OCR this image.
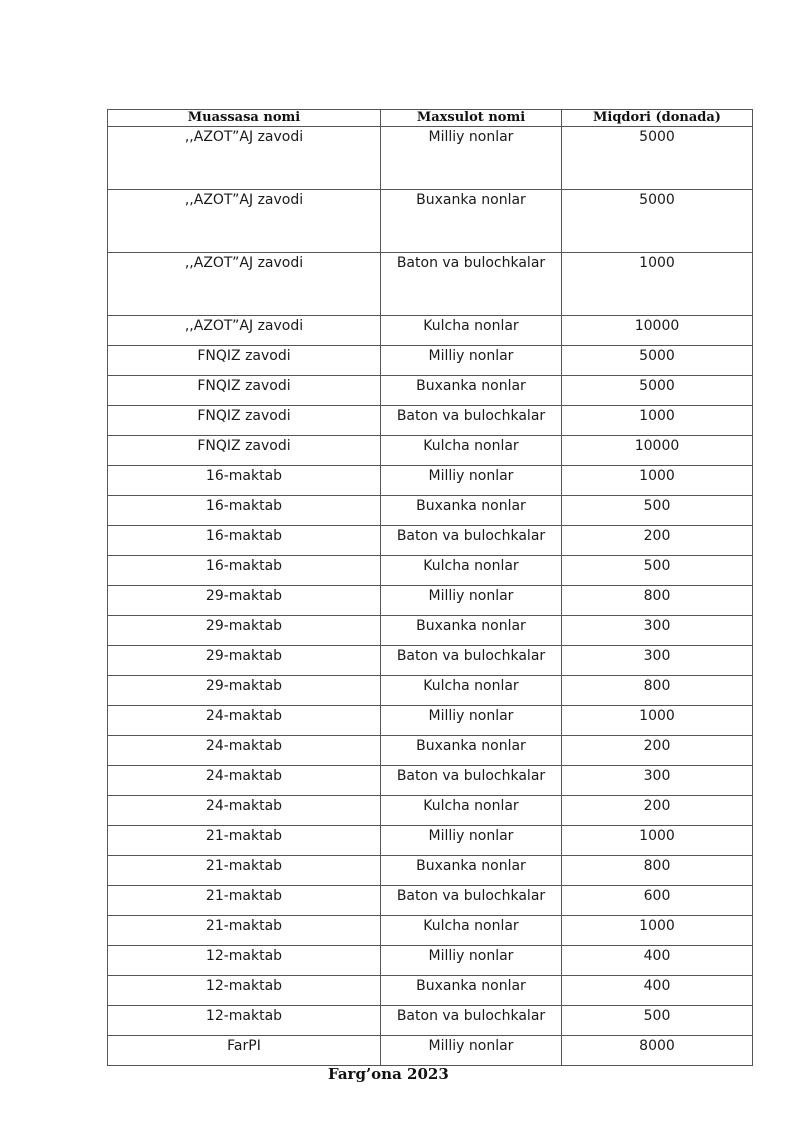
Muassasa nomi	Maxsulot nomi	Miqdori (donada)
,,AZOT”AJ zavodi	Milliy nonlar	5000
,,AZOT”AJ zavodi	Buxanka nonlar	5000
,,AZOT”AJ zavodi	Baton va bulochkalar	1000
,,AZOT”AJ zavodi	Kulcha nonlar	10000
FNQIZ zavodi	Milliy nonlar	5000
FNQIZ zavodi	Buxanka nonlar	5000
FNQIZ zavodi	Baton va bulochkalar	1000
FNQIZ zavodi	Kulcha nonlar	10000
16-maktab	Milliy nonlar	1000
16-maktab	Buxanka nonlar	500
16-maktab	Baton va bulochkalar	200
16-maktab	Kulcha nonlar	500
29-maktab	Milliy nonlar	800
29-maktab	Buxanka nonlar	300
29-maktab	Baton va bulochkalar	300
29-maktab	Kulcha nonlar	800
24-maktab	Milliy nonlar	1000
24-maktab	Buxanka nonlar	200
24-maktab	Baton va bulochkalar	300
24-maktab	Kulcha nonlar	200
21-maktab	Milliy nonlar	1000
21-maktab	Buxanka nonlar	800
21-maktab	Baton va bulochkalar	600
21-maktab	Kulcha nonlar	1000
12-maktab	Milliy nonlar	400
12-maktab	Buxanka nonlar	400
12-maktab	Baton va bulochkalar	500
FarPI	Milliy nonlar	8000
Farg’ona 2023
